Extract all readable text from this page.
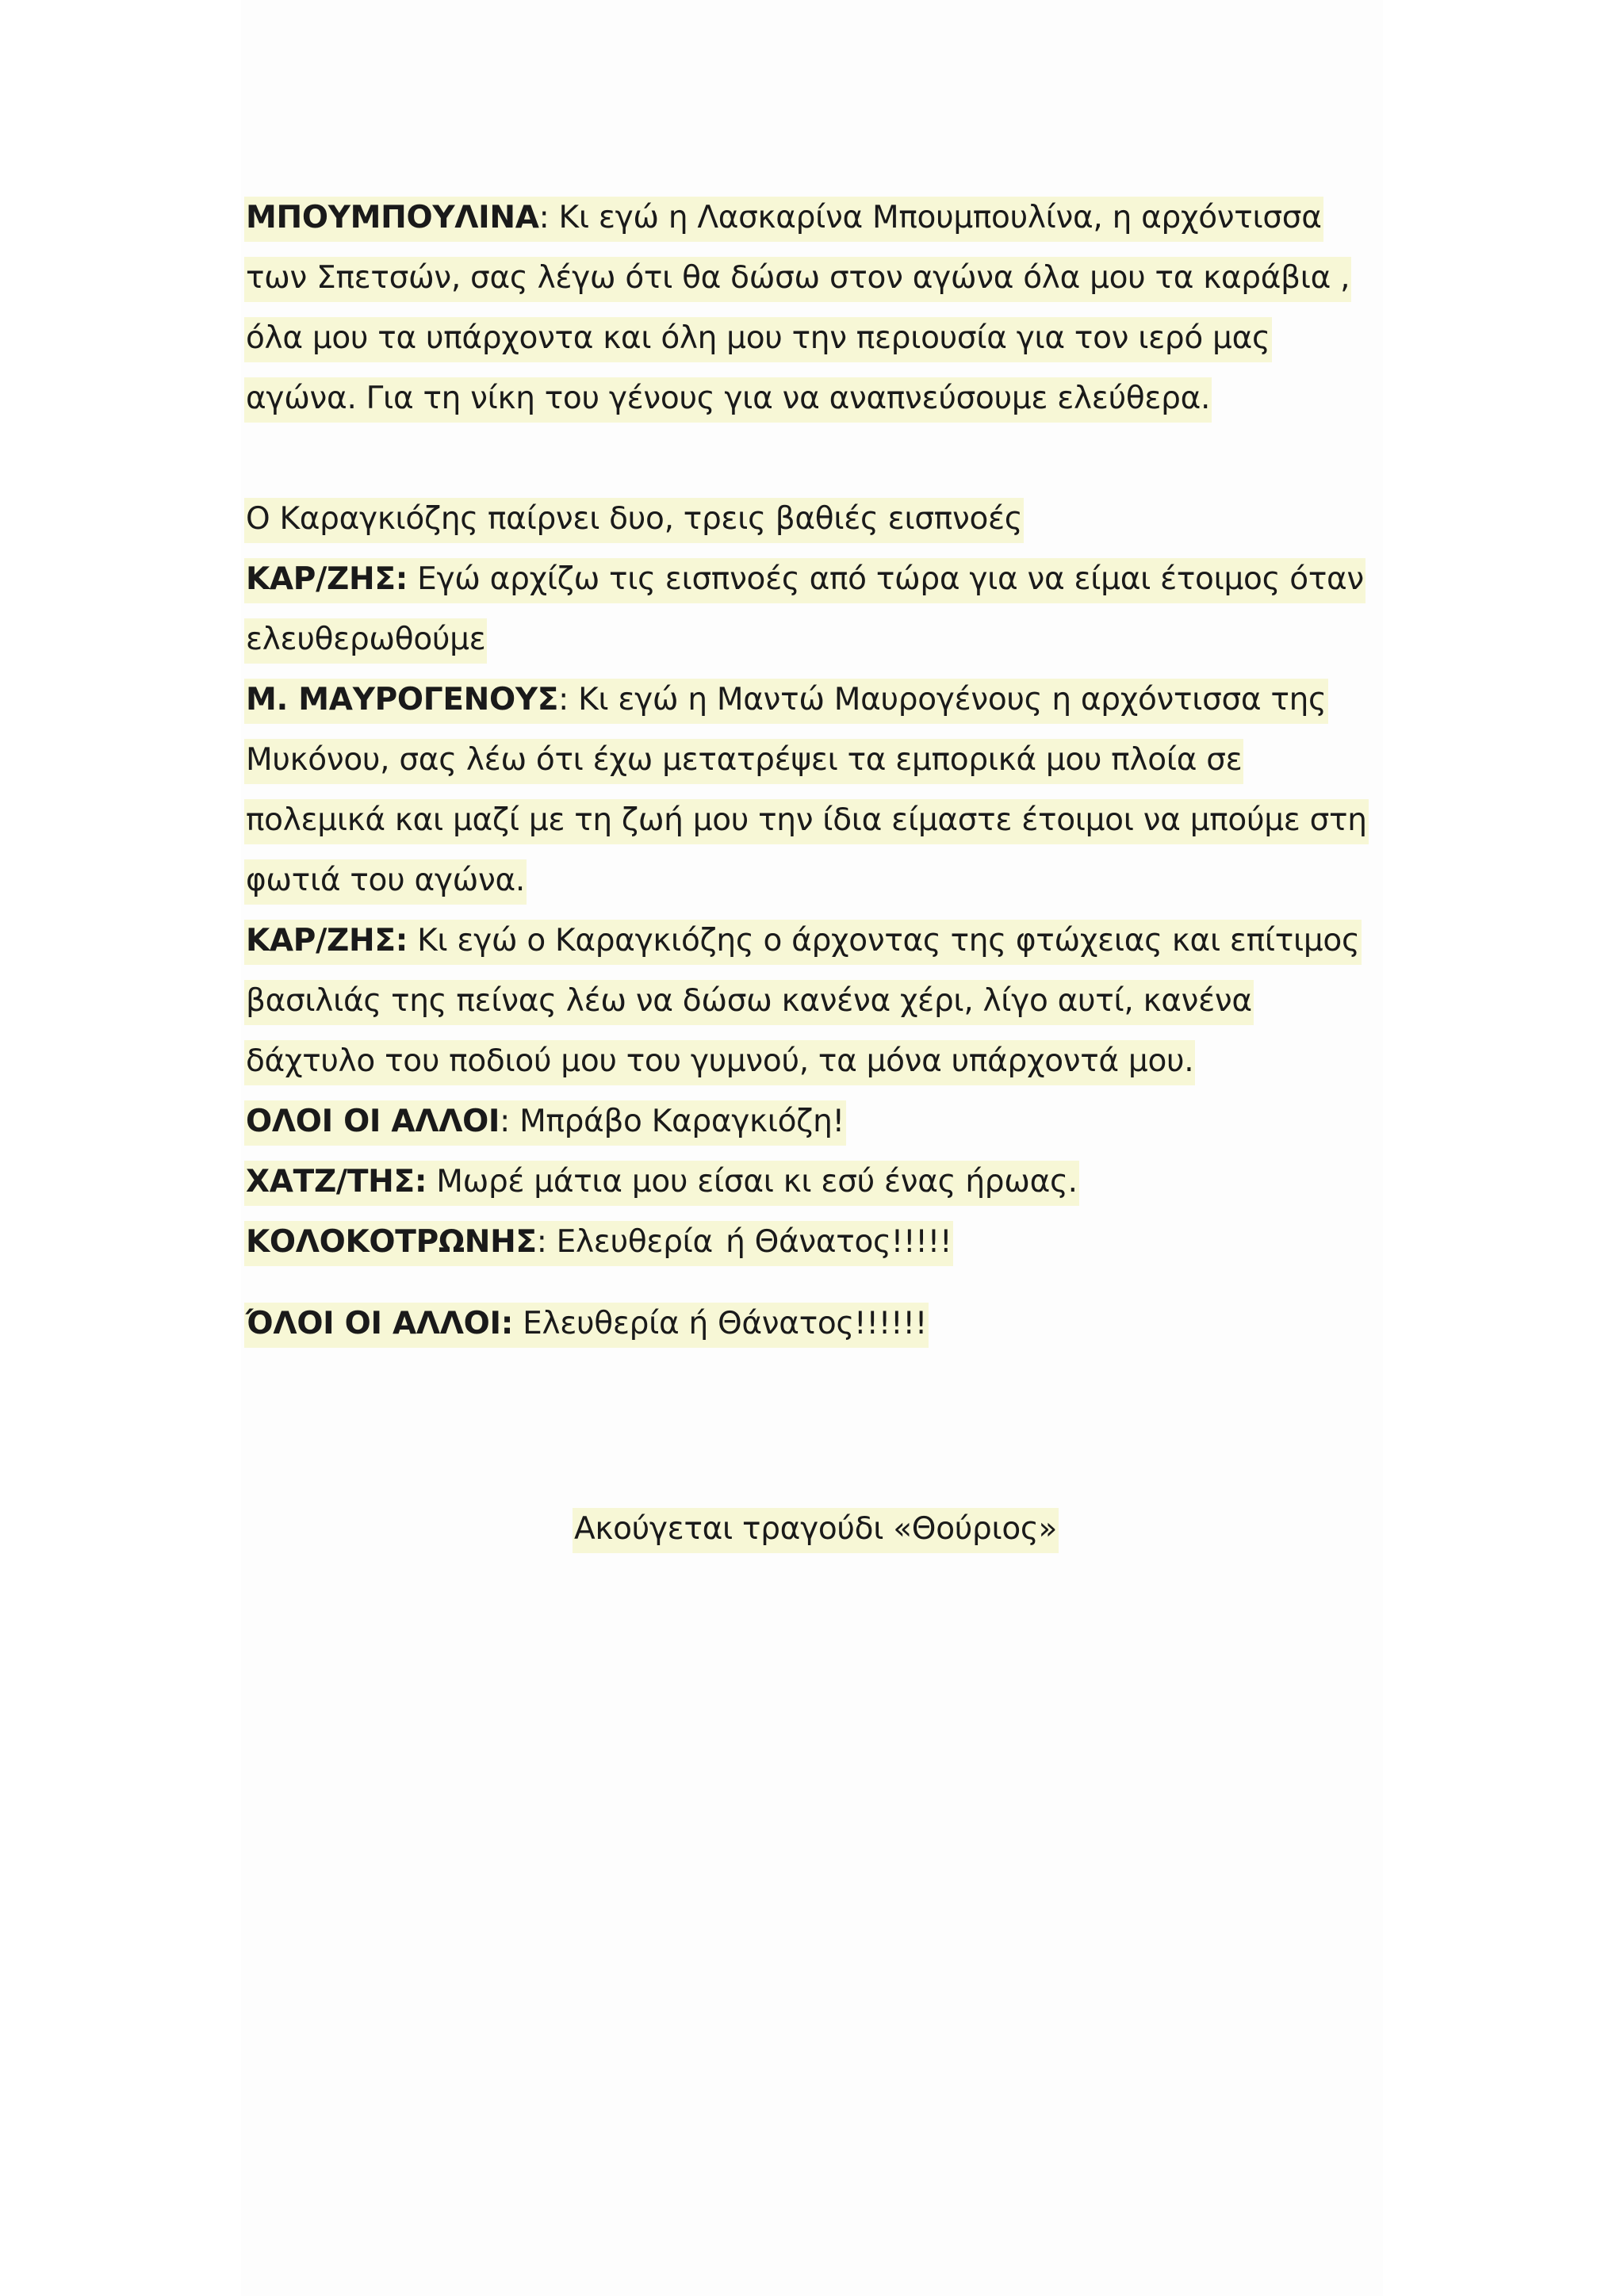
ΜΠΟΥΜΠΟΥΛΙΝΑ: Κι εγώ η Λασκαρίνα Μπουμπουλίνα, η αρχόντισσα
των Σπετσών, σας λέγω ότι θα δώσω στον αγώνα όλα μου τα καράβια ,
όλα μου τα υπάρχοντα και όλη μου την περιουσία για τον ιερό μας
αγώνα. Για τη νίκη του γένους για να αναπνεύσουμε ελεύθερα.
Ο Καραγκιόζης παίρνει δυο, τρεις βαθιές εισπνοές
ΚΑΡ/ΖΗΣ: Εγώ αρχίζω τις εισπνοές από τώρα για να είμαι έτοιμος όταν
ελευθερωθούμε
Μ. ΜΑΥΡΟΓΕΝΟΥΣ: Κι εγώ η Μαντώ Μαυρογένους η αρχόντισσα της
Μυκόνου, σας λέω ότι έχω μετατρέψει τα εμπορικά μου πλοία σε
πολεμικά και μαζί με τη ζωή μου την ίδια είμαστε έτοιμοι να μπούμε στη
φωτιά του αγώνα.
ΚΑΡ/ΖΗΣ: Κι εγώ ο Καραγκιόζης ο άρχοντας της φτώχειας και επίτιμος
βασιλιάς της πείνας λέω να δώσω κανένα χέρι, λίγο αυτί, κανένα
δάχτυλο του ποδιού μου του γυμνού, τα μόνα υπάρχοντά μου.
ΟΛΟΙ ΟΙ ΑΛΛΟΙ: Μπράβο Καραγκιόζη!
ΧΑΤΖ/ΤΗΣ: Μωρέ μάτια μου είσαι κι εσύ ένας ήρωας.
ΚΟΛΟΚΟΤΡΩΝΗΣ: Ελευθερία ή Θάνατος!!!!!
ΌΛΟΙ ΟΙ ΑΛΛΟΙ: Ελευθερία ή Θάνατος!!!!!!
Ακούγεται τραγούδι «Θούριος»
